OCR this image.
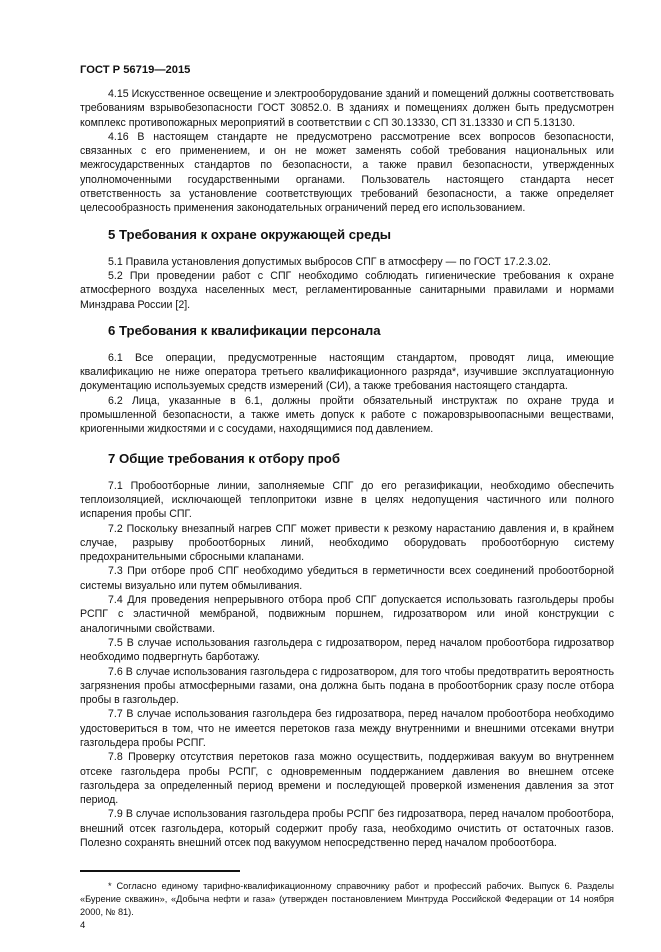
ГОСТ Р 56719—2015

4.15 Искусственное освещение и электрооборудование зданий и помещений должны соответствовать требованиям взрывобезопасности ГОСТ 30852.0. В зданиях и помещениях должен быть предусмотрен комплекс противопожарных мероприятий в соответствии с СП 30.13330, СП 31.13330 и СП 5.13130.

4.16 В настоящем стандарте не предусмотрено рассмотрение всех вопросов безопасности, связанных с его применением, и он не может заменять собой требования национальных или межгосударственных стандартов по безопасности, а также правил безопасности, утвержденных уполномоченными государственными органами. Пользователь настоящего стандарта несет ответственность за установление соответствующих требований безопасности, а также определяет целесообразность применения законодательных ограничений перед его использованием.

5 Требования к охране окружающей среды

5.1 Правила установления допустимых выбросов СПГ в атмосферу — по ГОСТ 17.2.3.02.

5.2 При проведении работ с СПГ необходимо соблюдать гигиенические требования к охране атмосферного воздуха населенных мест, регламентированные санитарными правилами и нормами Минздрава России [2].

6 Требования к квалификации персонала

6.1 Все операции, предусмотренные настоящим стандартом, проводят лица, имеющие квалификацию не ниже оператора третьего квалификационного разряда*, изучившие эксплуатационную документацию используемых средств измерений (СИ), а также требования настоящего стандарта.

6.2 Лица, указанные в 6.1, должны пройти обязательный инструктаж по охране труда и промышленной безопасности, а также иметь допуск к работе с пожаровзрывоопасными веществами, криогенными жидкостями и с сосудами, находящимися под давлением.

7 Общие требования к отбору проб

7.1 Пробоотборные линии, заполняемые СПГ до его регазификации, необходимо обеспечить теплоизоляцией, исключающей теплопритоки извне в целях недопущения частичного или полного испарения пробы СПГ.

7.2 Поскольку внезапный нагрев СПГ может привести к резкому нарастанию давления и, в крайнем случае, разрыву пробоотборных линий, необходимо оборудовать пробоотборную систему предохранительными сбросными клапанами.

7.3 При отборе проб СПГ необходимо убедиться в герметичности всех соединений пробоотборной системы визуально или путем обмыливания.

7.4 Для проведения непрерывного отбора проб СПГ допускается использовать газгольдеры пробы РСПГ с эластичной мембраной, подвижным поршнем, гидрозатвором или иной конструкции с аналогичными свойствами.

7.5 В случае использования газгольдера с гидрозатвором, перед началом пробоотбора гидрозатвор необходимо подвергнуть барботажу.

7.6 В случае использования газгольдера с гидрозатвором, для того чтобы предотвратить вероятность загрязнения пробы атмосферными газами, она должна быть подана в пробоотборник сразу после отбора пробы в газгольдер.

7.7 В случае использования газгольдера без гидрозатвора, перед началом пробоотбора необходимо удостовериться в том, что не имеется перетоков газа между внутренними и внешними отсеками внутри газгольдера пробы РСПГ.

7.8 Проверку отсутствия перетоков газа можно осуществить, поддерживая вакуум во внутреннем отсеке газгольдера пробы РСПГ, с одновременным поддержанием давления во внешнем отсеке газгольдера за определенный период времени и последующей проверкой изменения давления за этот период.

7.9 В случае использования газгольдера пробы РСПГ без гидрозатвора, перед началом пробоотбора, внешний отсек газгольдера, который содержит пробу газа, необходимо очистить от остаточных газов. Полезно сохранять внешний отсек под вакуумом непосредственно перед началом пробоотбора.

* Согласно единому тарифно-квалификационному справочнику работ и профессий рабочих. Выпуск 6. Разделы «Бурение скважин», «Добыча нефти и газа» (утвержден постановлением Минтруда Российской Федерации от 14 ноября 2000, № 81).
4
